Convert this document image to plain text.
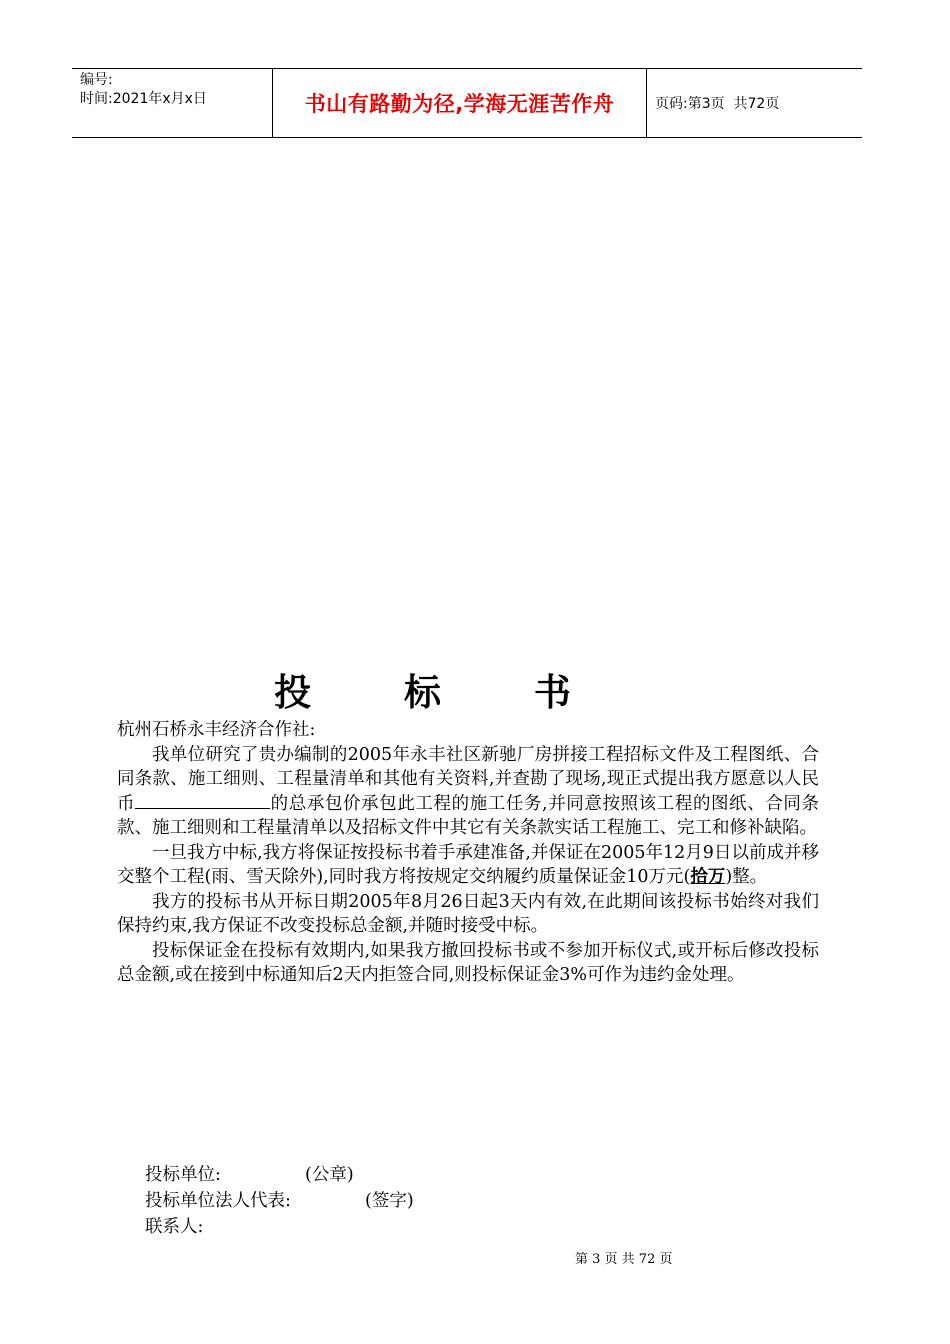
编号:
时间:2021年x月x日	书山有路勤为径,学海无涯苦作舟	页码:第3页  共72页
投 标 书

杭州石桥永丰经济合作社:

我单位研究了贵办编制的2005年永丰社区新驰厂房拼接工程招标文件及工程图纸、合同条款、施工细则、工程量清单和其他有关资料,并查勘了现场,现正式提出我方愿意以人民币	的总承包价承包此工程的施工任务,并同意按照该工程的图纸、合同条款、施工细则和工程量清单以及招标文件中其它有关条款实话工程施工、完工和修补缺陷。

一旦我方中标,我方将保证按投标书着手承建准备,并保证在2005年12月9日以前成并移交整个工程(雨、雪天除外),同时我方将按规定交纳履约质量保证金10万元(拾万)整。

我方的投标书从开标日期2005年8月26日起3天内有效,在此期间该投标书始终对我们保持约束,我方保证不改变投标总金额,并随时接受中标。

投标保证金在投标有效期内,如果我方撤回投标书或不参加开标仪式,或开标后修改投标总金额,或在接到中标通知后2天内拒签合同,则投标保证金3%可作为违约金处理。

投标单位:	(公章)
投标单位法人代表:	(签字)
联系人:
第 3 页 共 72 页
